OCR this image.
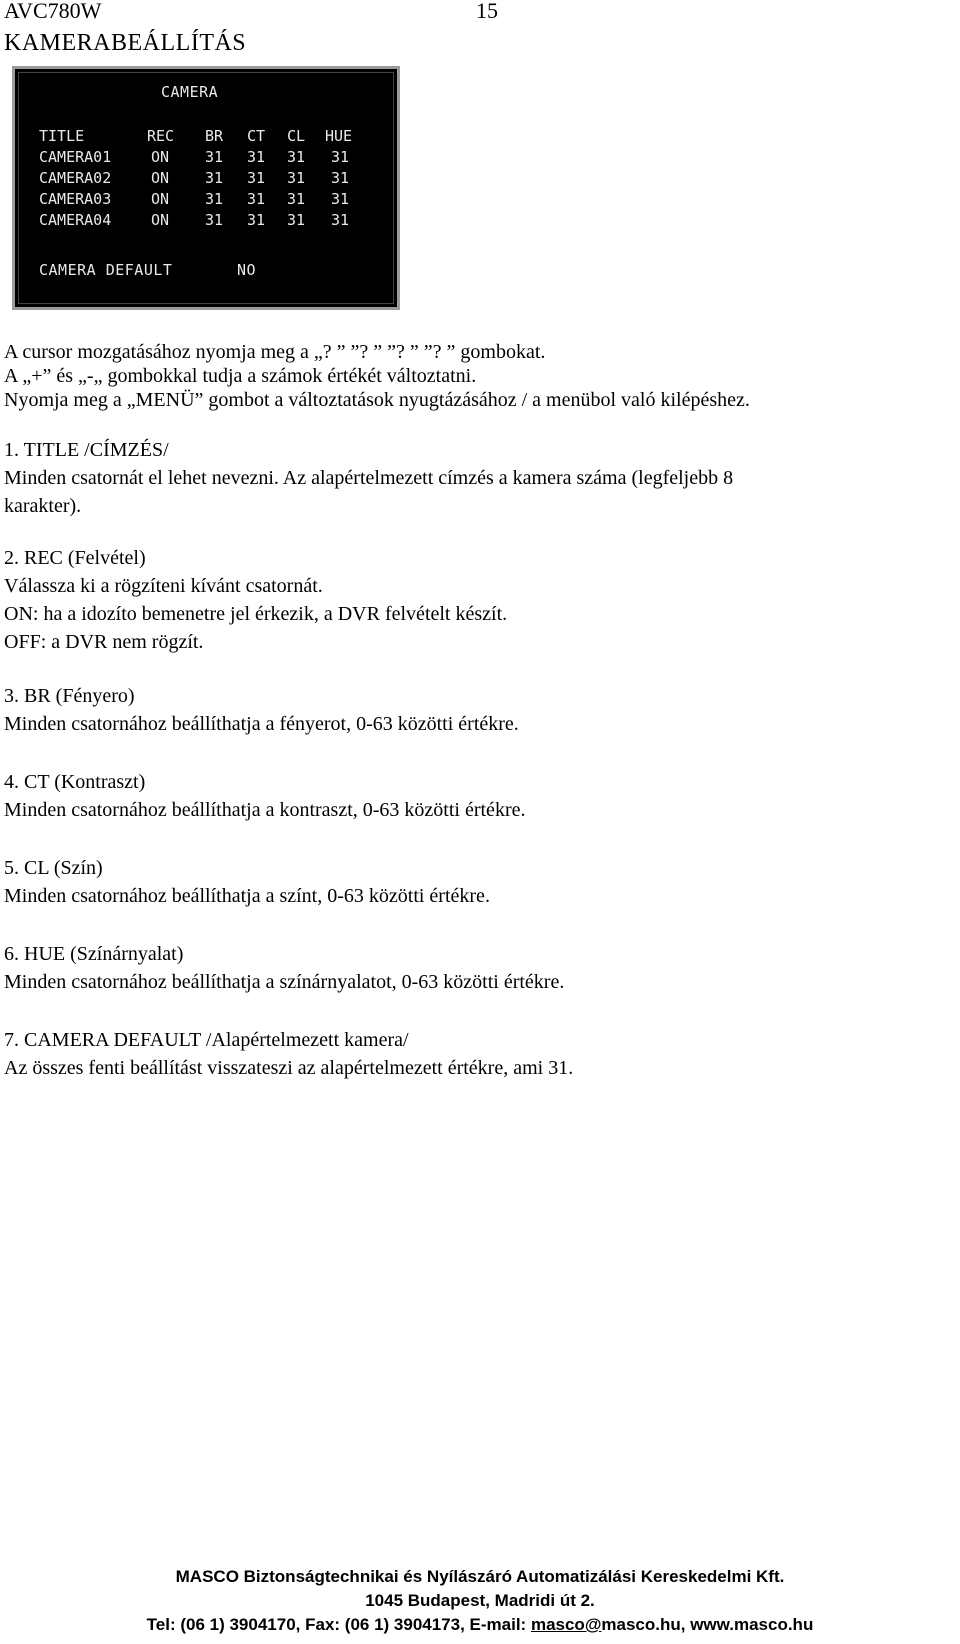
AVC780W	15
KAMERABEÁLLÍTÁS
CAMERA
TITLE	REC BR CT CL HUE
CAMERA01	ON 31 31 31 31
CAMERA02	ON 31 31 31 31
CAMERA03	ON 31 31 31 31
CAMERA04	ON 31 31 31 31
CAMERA DEFAULT	NO
A cursor mozgatásához nyomja meg a „? ” ”? ” ”? ” ”? ” gombokat.
A „+” és „-„ gombokkal tudja a számok értékét változtatni.
Nyomja meg a „MENÜ” gombot a változtatások nyugtázásához / a menübol való kilépéshez.
1. TITLE /CÍMZÉS/
Minden csatornát el lehet nevezni. Az alapértelmezett címzés a kamera száma (legfeljebb 8
karakter).
2. REC (Felvétel)
Válassza ki a rögzíteni kívánt csatornát.
ON: ha a idozíto bemenetre jel érkezik, a DVR felvételt készít.
OFF: a DVR nem rögzít.
3. BR (Fényero)
Minden csatornához beállíthatja a fényerot, 0-63 közötti értékre.
4. CT (Kontraszt)
Minden csatornához beállíthatja a kontraszt, 0-63 közötti értékre.
5. CL (Szín)
Minden csatornához beállíthatja a színt, 0-63 közötti értékre.
6. HUE (Színárnyalat)
Minden csatornához beállíthatja a színárnyalatot, 0-63 közötti értékre.
7. CAMERA DEFAULT /Alapértelmezett kamera/
Az összes fenti beállítást visszateszi az alapértelmezett értékre, ami 31.
MASCO Biztonságtechnikai és Nyílászáró Automatizálási Kereskedelmi Kft.
1045 Budapest, Madridi út 2.
Tel: (06 1) 3904170, Fax: (06 1) 3904173, E-mail: masco@masco.hu, www.masco.hu
